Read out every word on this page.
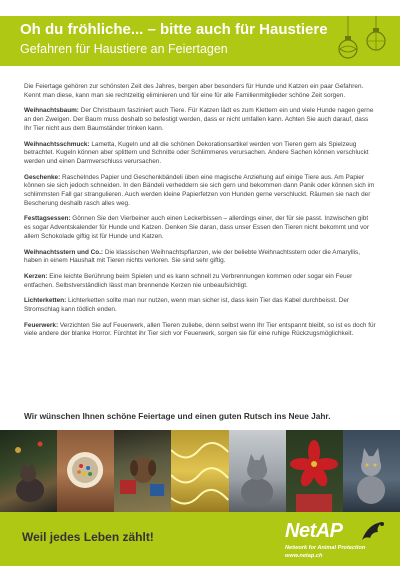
Oh du fröhliche... – bitte auch für Haustiere
Gefahren für Haustiere an Feiertagen

Die Feiertage gehören zur schönsten Zeit des Jahres, bergen aber besonders für Hunde und Katzen ein paar Gefahren. Kennt man diese, kann man sie rechtzeitig eliminieren und für eine für alle Familienmitglieder schöne Zeit sorgen.

Weihnachtsbaum: Der Christbaum fasziniert auch Tiere. Für Katzen lädt es zum Klettern ein und viele Hunde nagen gerne an den Zweigen. Der Baum muss deshalb so befestigt werden, dass er nicht umfallen kann. Achten Sie auch darauf, dass Ihr Tier nicht aus dem Baumständer trinken kann.

Weihnachtsschmuck: Lametta, Kugeln und all die schönen Dekorationsartikel werden von Tieren gern als Spielzeug betrachtet. Kugeln können aber splittern und Schnitte oder Schlimmeres verursachen. Andere Sachen können verschluckt werden und einen Darmverschluss verursachen.

Geschenke: Raschelndes Papier und Geschenkbändeli üben eine magische Anziehung auf einige Tiere aus. Am Papier können sie sich jedoch schneiden. In den Bändeli verheddern sie sich gern und bekommen dann Panik oder können sich im schlimmsten Fall gar strangulieren. Auch werden kleine Papierfetzen von Hunden gerne verschluckt. Räumen sie nach der Bescherung deshalb rasch alles weg.

Festtagsessen: Gönnen Sie den Vierbeiner auch einen Leckerbissen – allerdings einer, der für sie passt. Inzwischen gibt es sogar Adventskalender für Hunde und Katzen. Denken Sie daran, dass unser Essen den Tieren nicht bekommt und vor allem Schokolade giftig ist für Hunde und Katzen.

Weihnachtsstern und Co.: Die klassischen Weihnachtspflanzen, wie der beliebte Weihnachtsstern oder die Amaryllis, haben in einem Haushalt mit Tieren nichts verloren. Sie sind sehr giftig.

Kerzen: Eine leichte Berührung beim Spielen und es kann schnell zu Verbrennungen kommen oder sogar ein Feuer entfachen. Selbstverständlich lässt man brennende Kerzen nie unbeaufsichtigt.

Lichterketten: Lichterketten sollte man nur nutzen, wenn man sicher ist, dass kein Tier das Kabel durchbeisst. Der Stromschlag kann tödlich enden.

Feuerwerk: Verzichten Sie auf Feuerwerk, allen Tieren zuliebe, denn selbst wenn Ihr Tier entspannt bleibt, so ist es doch für viele andere der blanke Horror. Fürchtet ihr Tier sich vor Feuerwerk, sorgen sie für eine ruhige Rückzugsmöglichkeit.

Wir wünschen Ihnen schöne Feiertage und einen guten Rutsch ins Neue Jahr.
Weil jedes Leben zählt!	NetAP
Network for Animal Protection
www.netap.ch
